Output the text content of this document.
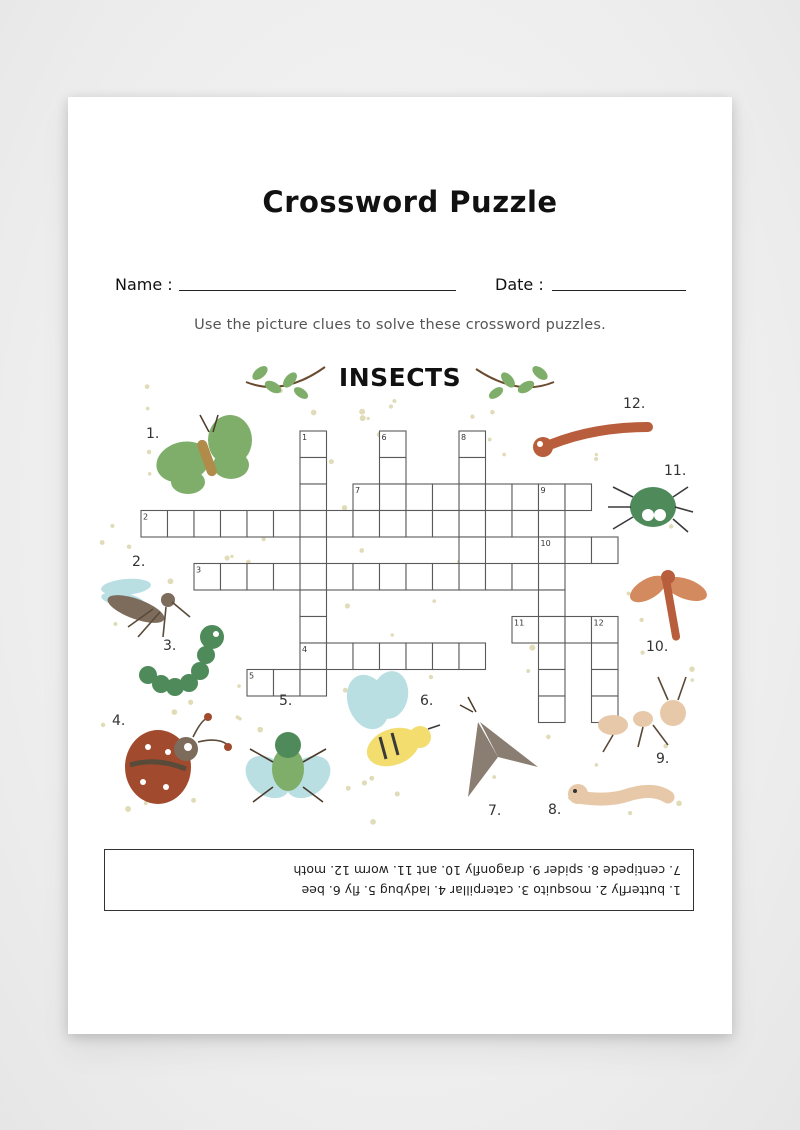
Crossword Puzzle
Name :	Date :
Use the picture clues to solve these crossword puzzles.
INSECTS
1	6	8
7
2
9
10
3
11	12
4
5
1.
2.
3.
4.
5.	6.
7.	8.
9.
10.
11.
12.
1. butterfly 2. mosquito 3. caterpillar 4. ladybug 5. fly 6. bee
7. centipede 8. spider 9. dragonfly 10. ant 11. worm 12. moth
